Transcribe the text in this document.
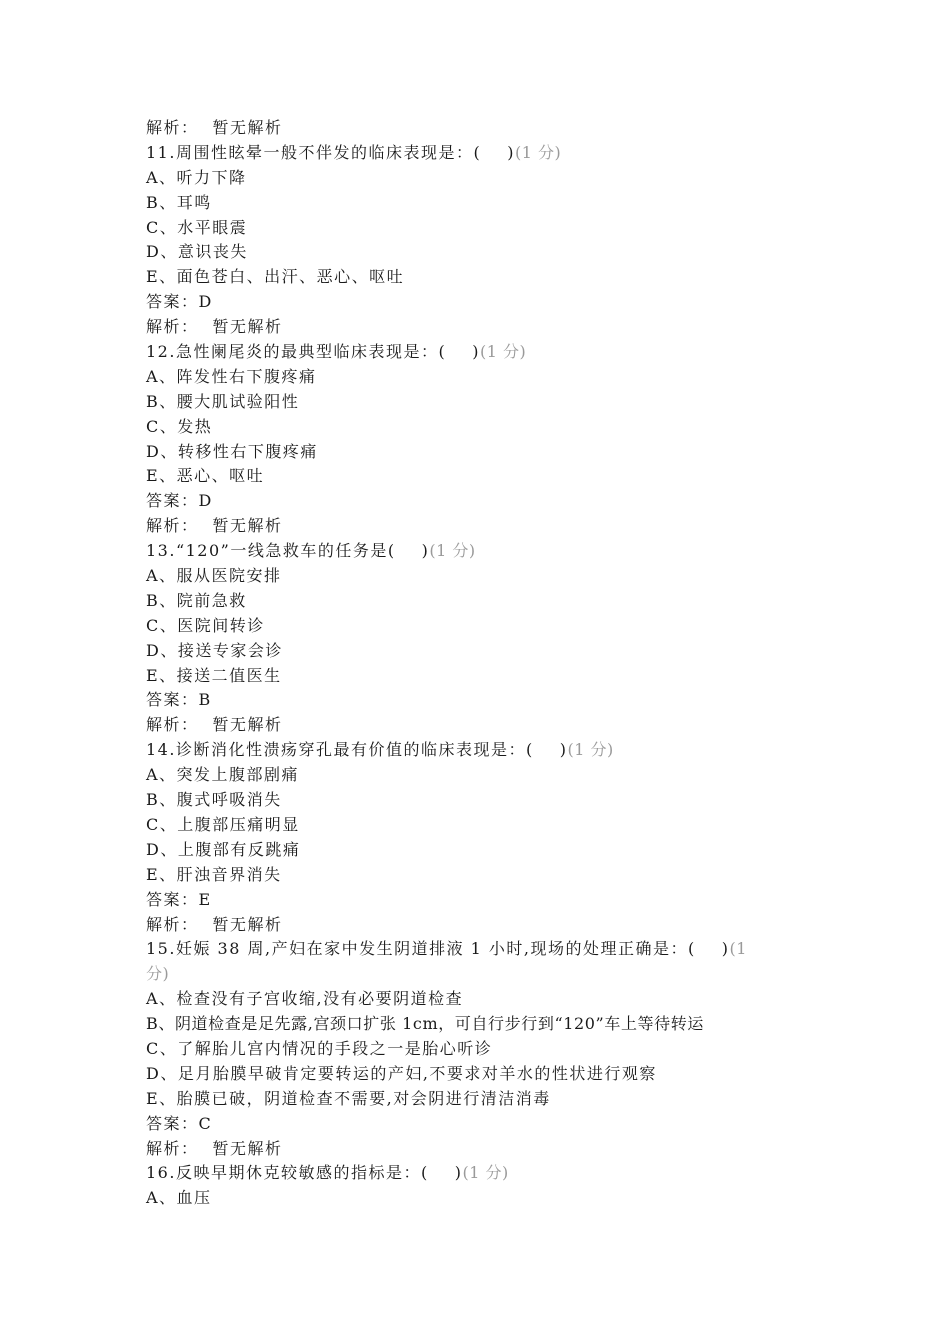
解析： 暂无解析
11.周围性眩晕一般不伴发的临床表现是：( )(1 分)
A、听力下降
B、耳鸣
C、水平眼震
D、意识丧失
E、面色苍白、出汗、恶心、呕吐
答案：D
解析： 暂无解析
12.急性阑尾炎的最典型临床表现是：( )(1 分)
A、阵发性右下腹疼痛
B、腰大肌试验阳性
C、发热
D、转移性右下腹疼痛
E、恶心、呕吐
答案：D
解析： 暂无解析
13.“120”一线急救车的任务是( )(1 分)
A、服从医院安排
B、院前急救
C、医院间转诊
D、接送专家会诊
E、接送二值医生
答案：B
解析： 暂无解析
14.诊断消化性溃疡穿孔最有价值的临床表现是：( )(1 分)
A、突发上腹部剧痛
B、腹式呼吸消失
C、上腹部压痛明显
D、上腹部有反跳痛
E、肝浊音界消失
答案：E
解析： 暂无解析
15.妊娠 38 周,产妇在家中发生阴道排液 1 小时,现场的处理正确是：( )(1
分)
A、检查没有子宫收缩,没有必要阴道检查
B、阴道检查是足先露,宫颈口扩张 1cm，可自行步行到“120”车上等待转运
C、了解胎儿宫内情况的手段之一是胎心听诊
D、足月胎膜早破肯定要转运的产妇,不要求对羊水的性状进行观察
E、胎膜已破，阴道检查不需要,对会阴进行清洁消毒
答案：C
解析： 暂无解析
16.反映早期休克较敏感的指标是：( )(1 分)
A、血压
